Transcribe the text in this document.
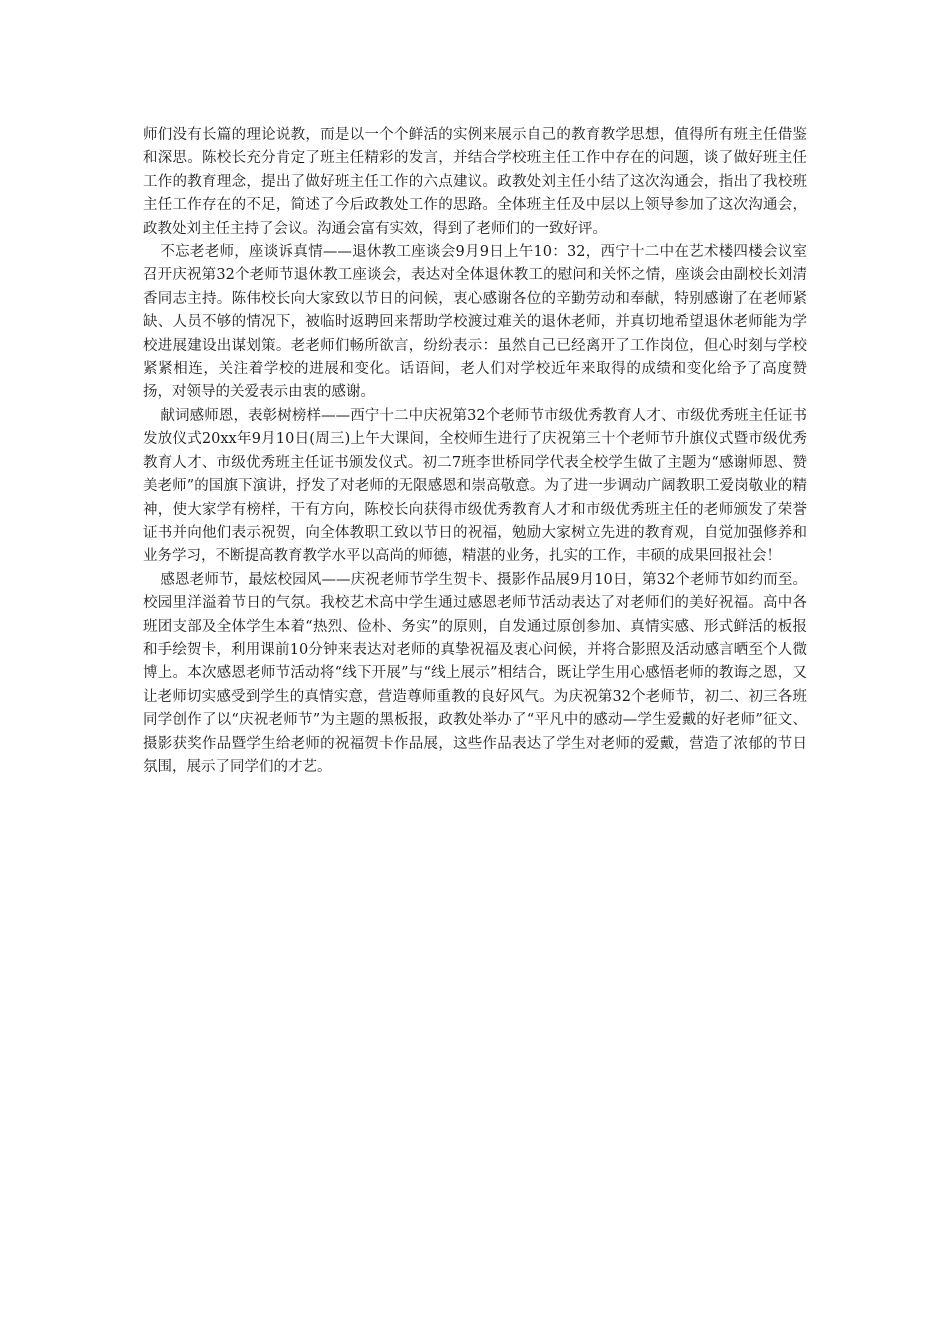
师们没有长篇的理论说教，而是以一个个鲜活的实例来展示自己的教育教学思想，值得所有班主任借鉴和深思。陈校长充分肯定了班主任精彩的发言，并结合学校班主任工作中存在的问题，谈了做好班主任工作的教育理念，提出了做好班主任工作的六点建议。政教处刘主任小结了这次沟通会，指出了我校班主任工作存在的不足，简述了今后政教处工作的思路。全体班主任及中层以上领导参加了这次沟通会，政教处刘主任主持了会议。沟通会富有实效，得到了老师们的一致好评。

不忘老老师，座谈诉真情——退休教工座谈会9月9日上午10：32，西宁十二中在艺术楼四楼会议室召开庆祝第32个老师节退休教工座谈会，表达对全体退休教工的慰问和关怀之情，座谈会由副校长刘清香同志主持。陈伟校长向大家致以节日的问候，衷心感谢各位的辛勤劳动和奉献，特别感谢了在老师紧缺、人员不够的情况下，被临时返聘回来帮助学校渡过难关的退休老师，并真切地希望退休老师能为学校进展建设出谋划策。老老师们畅所欲言，纷纷表示：虽然自己已经离开了工作岗位，但心时刻与学校紧紧相连，关注着学校的进展和变化。话语间，老人们对学校近年来取得的成绩和变化给予了高度赞扬，对领导的关爱表示由衷的感谢。

献词感师恩，表彰树榜样——西宁十二中庆祝第32个老师节市级优秀教育人才、市级优秀班主任证书发放仪式20xx年9月10日(周三)上午大课间，全校师生进行了庆祝第三十个老师节升旗仪式暨市级优秀教育人才、市级优秀班主任证书颁发仪式。初二7班李世桥同学代表全校学生做了主题为“感谢师恩、赞美老师”的国旗下演讲，抒发了对老师的无限感恩和崇高敬意。为了进一步调动广阔教职工爱岗敬业的精神，使大家学有榜样，干有方向，陈校长向获得市级优秀教育人才和市级优秀班主任的老师颁发了荣誉证书并向他们表示祝贺，向全体教职工致以节日的祝福，勉励大家树立先进的教育观，自觉加强修养和业务学习，不断提高教育教学水平以高尚的师德，精湛的业务，扎实的工作，丰硕的成果回报社会！

感恩老师节，最炫校园风——庆祝老师节学生贺卡、摄影作品展9月10日，第32个老师节如约而至。校园里洋溢着节日的气氛。我校艺术高中学生通过感恩老师节活动表达了对老师们的美好祝福。高中各班团支部及全体学生本着“热烈、俭朴、务实”的原则，自发通过原创参加、真情实感、形式鲜活的板报和手绘贺卡，利用课前10分钟来表达对老师的真挚祝福及衷心问候，并将合影照及活动感言晒至个人微博上。本次感恩老师节活动将“线下开展”与“线上展示”相结合，既让学生用心感悟老师的教诲之恩，又让老师切实感受到学生的真情实意，营造尊师重教的良好风气。为庆祝第32个老师节，初二、初三各班同学创作了以“庆祝老师节”为主题的黑板报，政教处举办了“平凡中的感动—学生爱戴的好老师”征文、摄影获奖作品暨学生给老师的祝福贺卡作品展，这些作品表达了学生对老师的爱戴，营造了浓郁的节日氛围，展示了同学们的才艺。
